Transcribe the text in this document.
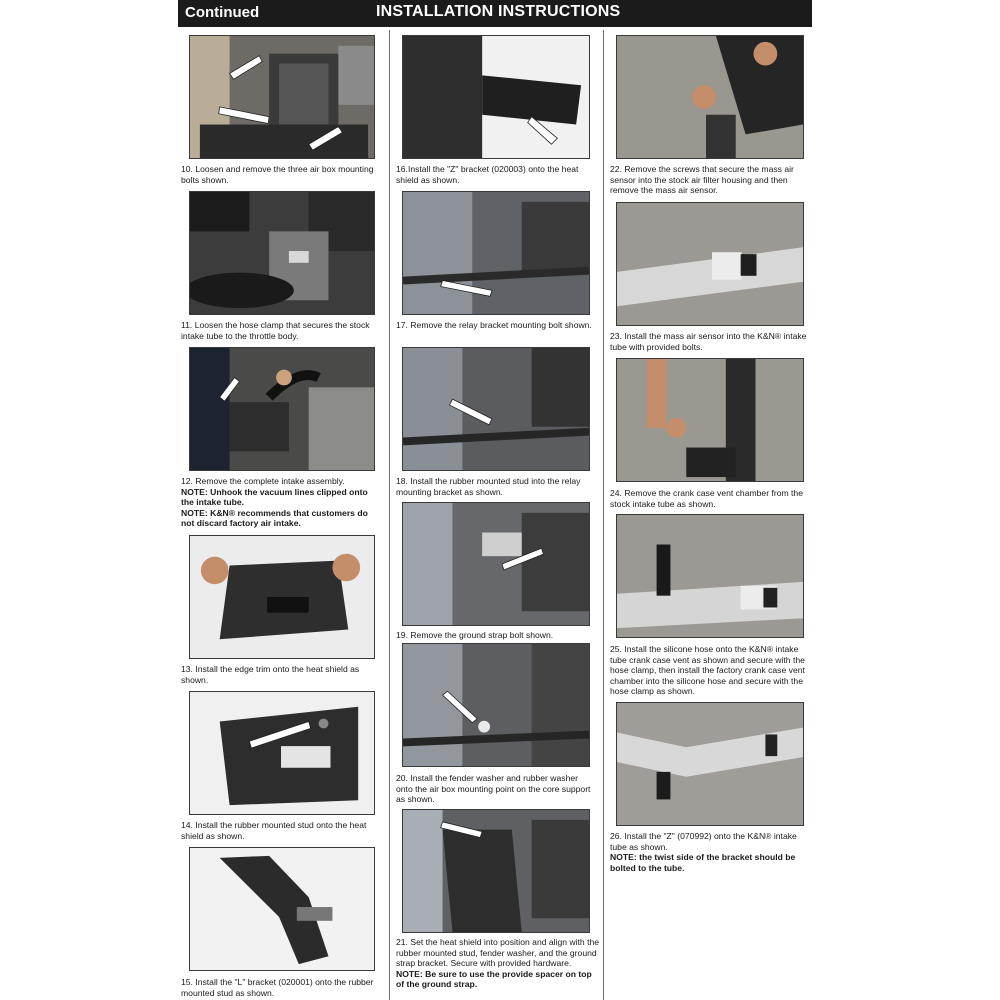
Continued	INSTALLATION INSTRUCTIONS
10. Loosen and remove the three air box mounting bolts shown.
11. Loosen the hose clamp that secures the stock intake tube to the throttle body.
12. Remove the complete intake assembly.
NOTE: Unhook the vacuum lines clipped onto the intake tube.
NOTE: K&N® recommends that customers do not discard factory air intake.
13. Install the edge trim onto the heat shield as shown.
14. Install the rubber mounted stud onto the heat shield as shown.
15. Install the "L" bracket (020001) onto the rubber mounted stud as shown.
16.Install the "Z" bracket (020003) onto the heat shield as shown.
17. Remove the relay bracket mounting bolt shown.
18. Install the rubber mounted stud into the relay mounting bracket as shown.
19. Remove the ground strap bolt shown.
20. Install the fender washer and rubber washer onto the air box mounting point on the core support as shown.
21. Set the heat shield into position and align with the rubber mounted stud, fender washer, and the ground strap bracket. Secure with provided hardware.
NOTE: Be sure to use the provide spacer on top of the ground strap.
22. Remove the screws that secure the mass air sensor into the stock air filter housing and then remove the mass air sensor.
23. Install the mass air sensor into the K&N® intake tube with provided bolts.
24. Remove the crank case vent chamber from the stock intake tube as shown.
25. Install the silicone hose onto the K&N® intake tube crank case vent as shown and secure with the hose clamp, then install the factory crank case vent chamber into the silicone hose and secure with the hose clamp as shown.
26. Install the "Z" (070992) onto the K&N® intake tube as shown.
NOTE: the twist side of the bracket should be bolted to the tube.
